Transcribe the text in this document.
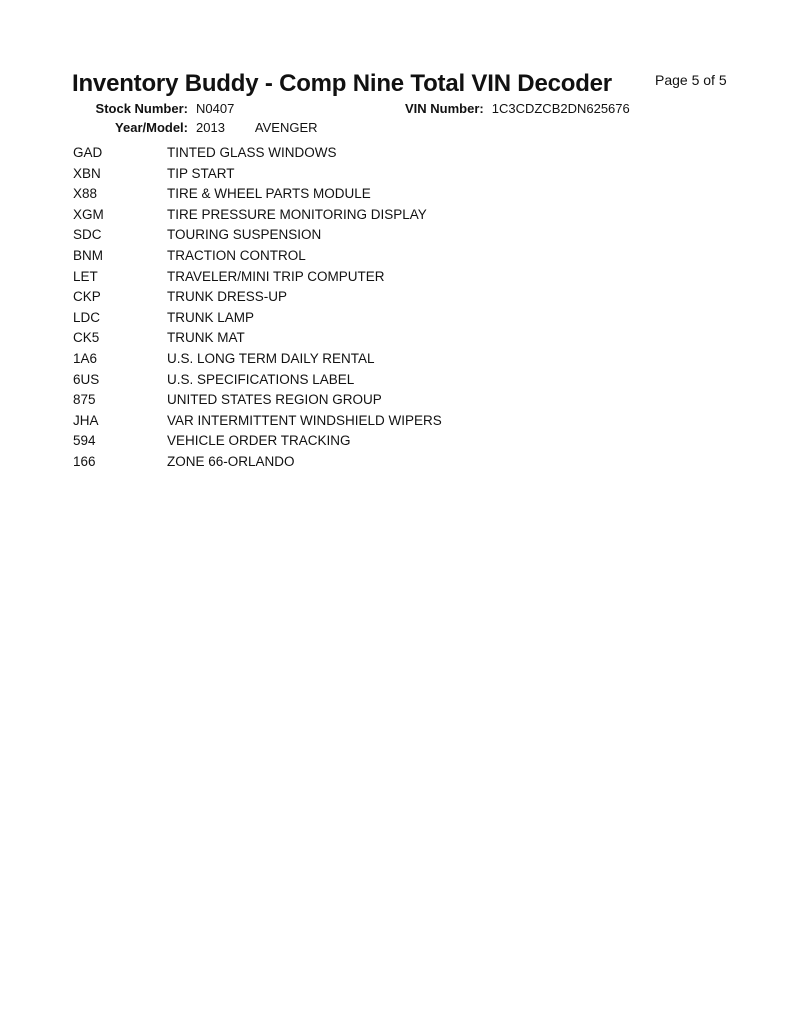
Inventory Buddy - Comp Nine Total VIN Decoder	Page 5 of 5
Stock Number: N0407	VIN Number: 1C3CDZCB2DN625676
Year/Model: 2013 AVENGER
GAD	TINTED GLASS WINDOWS
XBN	TIP START
X88	TIRE & WHEEL PARTS MODULE
XGM	TIRE PRESSURE MONITORING DISPLAY
SDC	TOURING SUSPENSION
BNM	TRACTION CONTROL
LET	TRAVELER/MINI TRIP COMPUTER
CKP	TRUNK DRESS-UP
LDC	TRUNK LAMP
CK5	TRUNK MAT
1A6	U.S. LONG TERM DAILY RENTAL
6US	U.S. SPECIFICATIONS LABEL
875	UNITED STATES REGION GROUP
JHA	VAR INTERMITTENT WINDSHIELD WIPERS
594	VEHICLE ORDER TRACKING
166	ZONE 66-ORLANDO
